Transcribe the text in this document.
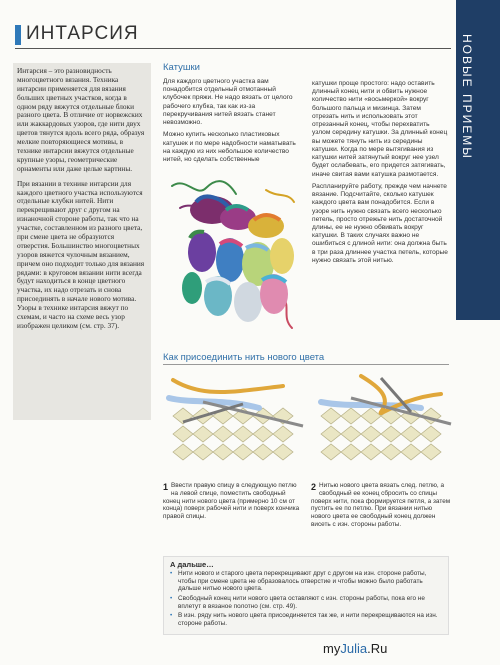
ИНТАРСИЯ
НОВЫЕ ПРИЕМЫ

Интарсия – это разновидность многоцветного вязания. Техника интарсии применяется для вязания больших цветных участков, когда в одном ряду вяжутся отдельные блоки разного цвета. В отличие от норвежских или жаккардовых узоров, где нити двух цветов тянутся вдоль всего ряда, образуя мелкие повторяющиеся мотивы, в технике интарсии вяжутся отдельные крупные узоры, геометрические орнаменты или даже целые картины.

При вязании в технике интарсии для каждого цветного участка используются отдельные клубки нитей. Нити перекрещивают друг с другом на изнаночной стороне работы, так что на участке, составленном из разного цвета, при смене цвета не образуются отверстия. Большинство многоцветных узоров вяжется чулочным вязанием, причем оно подходит только для вязания рядами: в круговом вязании нити всегда будут находиться в конце цветного участка, их надо отрезать и снова присоединять в начале нового мотива. Узоры в технике интарсия вяжут по схемам, и часто на схеме весь узор изображен целиком (см. стр. 37).

Катушки

Для каждого цветного участка вам понадобится отдельный отмотанный клубочек пряжи. Не надо вязать от целого рабочего клубка, так как из-за перекручивания нитей вязать станет невозможно.

Можно купить несколько пластиковых катушек и по мере надобности наматывать на каждую из них небольшое количество нитей, но сделать собственные

катушки проще простого: надо оставить длинный конец нити и обвить нужное количество нити «восьмеркой» вокруг большого пальца и мизинца. Затем отрезать нить и использовать этот отрезанный конец, чтобы перехватить узлом середину катушки. За длинный конец вы можете тянуть нить из середины катушки. Когда по мере вытягивания из катушки нитей затянутый вокруг нее узел будет ослабевать, его придется затягивать, иначе свитая вами катушка размотается.

Распланируйте работу, прежде чем начнете вязание. Подсчитайте, сколько катушек каждого цвета вам понадобится. Если в узоре нить нужно связать всего несколько петель, просто отрежьте нить достаточной длины, ее не нужно обвивать вокруг катушки. В таких случаях важно не ошибиться с длиной нити: она должна быть в три раза длиннее участка петель, которые нужно связать этой нитью.

Как присоединить нить нового цвета
1 Ввести правую спицу в следующую петлю на левой спице, поместить свободный конец нити нового цвета (примерно 10 см от конца) поверх рабочей нити и поверх кончика правой спицы.
2 Нитью нового цвета вязать след. петлю, а свободный ее конец сбросить со спицы поверх нити, пока формируется петля, а затем пустить ее по петлю. При вязании нитью нового цвета ее свободный конец должен висеть с изн. стороны работы.
А дальше…
• Нити нового и старого цвета перекрещивают друг с другом на изн. стороне работы, чтобы при смене цвета не образовалось отверстие и чтобы можно было работать дальше нитью нового цвета.
• Свободный конец нити нового цвета оставляют с изн. стороны работы, пока его не вплетут в вязаное полотно (см. стр. 49).
• В изн. ряду нить нового цвета присоединяется так же, и нити перекрещиваются на изн. стороне работы.
myJulia.Ru
